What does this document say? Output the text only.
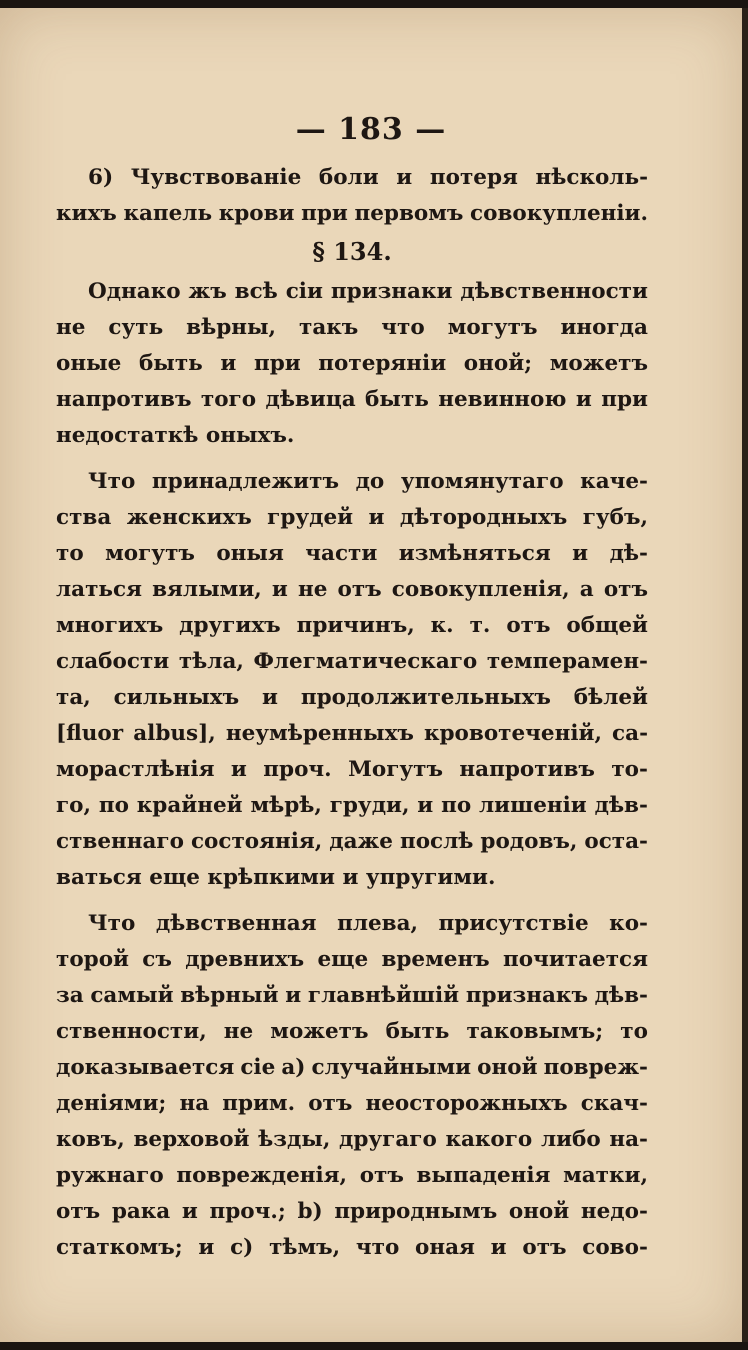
— 183 —
6) Чувствованiе боли и потеря нѣсколь-
кихъ капель крови при первомъ совокупленiи.
§ 134.
Однако жъ всѣ сiи признаки дѣвственности
не суть вѣрны, такъ что могутъ иногда
оные быть и при потерянiи оной; можетъ
напротивъ того дѣвица быть невинною и при
недостаткѣ оныхъ.
Что принадлежитъ до упомянутаго каче-
ства женскихъ грудей и дѣтородныхъ губъ,
то могутъ оныя части измѣняться и дѣ-
латься вялыми, и не отъ совокупленiя, а отъ
многихъ другихъ причинъ, к. т. отъ общей
слабости тѣла, Флегматическаго темперамен-
та, сильныхъ и продолжительныхъ бѣлей
[fluor albus], неумѣренныхъ кровотеченiй, са-
морастлѣнiя и проч. Могутъ напротивъ то-
го, по крайней мѣрѣ, груди, и по лишенiи дѣв-
ственнаго состоянiя, даже послѣ родовъ, оста-
ваться еще крѣпкими и упругими.
Что дѣвственная плева, присутствiе ко-
торой съ древнихъ еще временъ почитается
за самый вѣрный и главнѣйшiй признакъ дѣв-
ственности, не можетъ быть таковымъ; то
доказывается сiе а) случайными оной повреж-
денiями; на прим. отъ неосторожныхъ скач-
ковъ, верховой ѣзды, другаго какого либо на-
ружнаго поврежденiя, отъ выпаденiя матки,
отъ рака и проч.; b) природнымъ оной недо-
статкомъ; и с) тѣмъ, что оная и отъ сово-
